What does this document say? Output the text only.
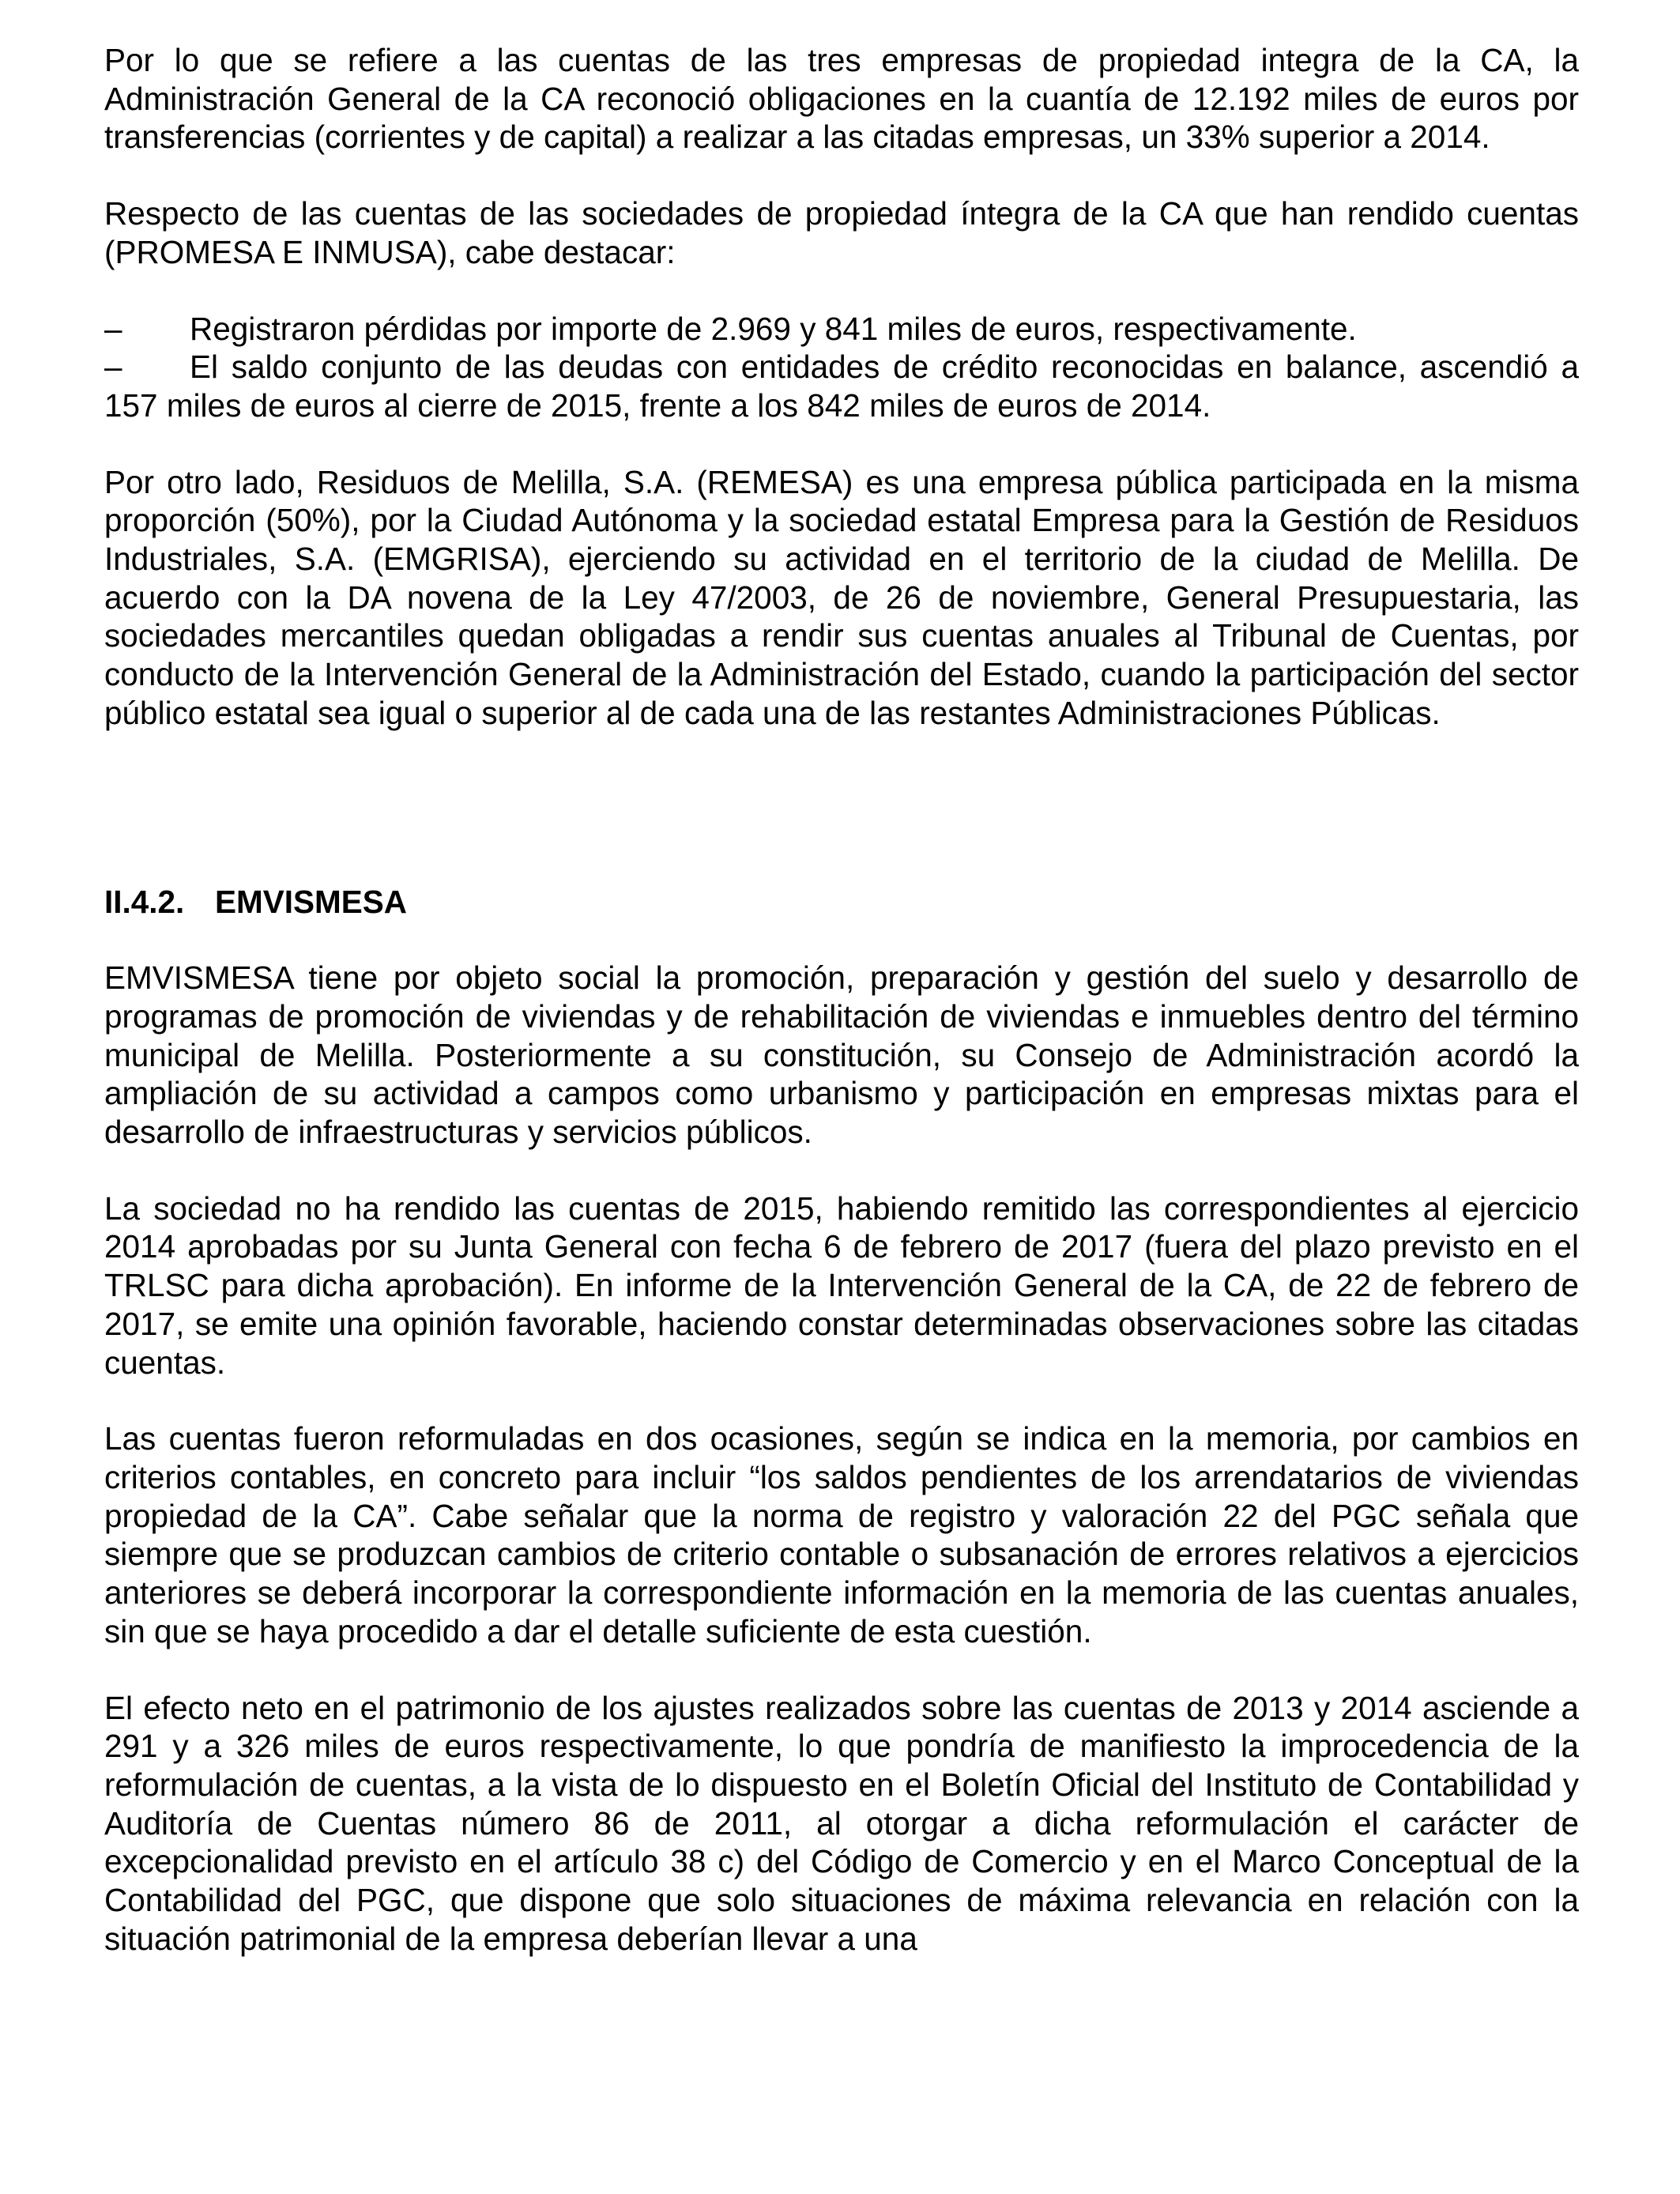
Por lo que se refiere a las cuentas de las tres empresas de propiedad integra de la CA, la Administración General de la CA reconoció obligaciones en la cuantía de 12.192 miles de euros por transferencias (corrientes y de capital) a realizar a las citadas empresas, un 33% superior a 2014.

Respecto de las cuentas de las sociedades de propiedad íntegra de la CA que han rendido cuentas (PROMESA E INMUSA), cabe destacar:

– Registraron pérdidas por importe de 2.969 y 841 miles de euros, respectivamente.

– El saldo conjunto de las deudas con entidades de crédito reconocidas en balance, ascendió a 157 miles de euros al cierre de 2015, frente a los 842 miles de euros de 2014.

Por otro lado, Residuos de Melilla, S.A. (REMESA) es una empresa pública participada en la misma proporción (50%), por la Ciudad Autónoma y la sociedad estatal Empresa para la Gestión de Residuos Industriales, S.A. (EMGRISA), ejerciendo su actividad en el territorio de la ciudad de Melilla. De acuerdo con la DA novena de la Ley 47/2003, de 26 de noviembre, General Presupuestaria, las sociedades mercantiles quedan obligadas a rendir sus cuentas anuales al Tribunal de Cuentas, por conducto de la Intervención General de la Administración del Estado, cuando la participación del sector público estatal sea igual o superior al de cada una de las restantes Administraciones Públicas.

II.4.2. EMVISMESA

EMVISMESA tiene por objeto social la promoción, preparación y gestión del suelo y desarrollo de programas de promoción de viviendas y de rehabilitación de viviendas e inmuebles dentro del término municipal de Melilla. Posteriormente a su constitución, su Consejo de Administración acordó la ampliación de su actividad a campos como urbanismo y participación en empresas mixtas para el desarrollo de infraestructuras y servicios públicos.

La sociedad no ha rendido las cuentas de 2015, habiendo remitido las correspondientes al ejercicio 2014 aprobadas por su Junta General con fecha 6 de febrero de 2017 (fuera del plazo previsto en el TRLSC para dicha aprobación). En informe de la Intervención General de la CA, de 22 de febrero de 2017, se emite una opinión favorable, haciendo constar determinadas observaciones sobre las citadas cuentas.

Las cuentas fueron reformuladas en dos ocasiones, según se indica en la memoria, por cambios en criterios contables, en concreto para incluir “los saldos pendientes de los arrendatarios de viviendas propiedad de la CA”. Cabe señalar que la norma de registro y valoración 22 del PGC señala que siempre que se produzcan cambios de criterio contable o subsanación de errores relativos a ejercicios anteriores se deberá incorporar la correspondiente información en la memoria de las cuentas anuales, sin que se haya procedido a dar el detalle suficiente de esta cuestión.

El efecto neto en el patrimonio de los ajustes realizados sobre las cuentas de 2013 y 2014 asciende a 291 y a 326 miles de euros respectivamente, lo que pondría de manifiesto la improcedencia de la reformulación de cuentas, a la vista de lo dispuesto en el Boletín Oficial del Instituto de Contabilidad y Auditoría de Cuentas número 86 de 2011, al otorgar a dicha reformulación el carácter de excepcionalidad previsto en el artículo 38 c) del Código de Comercio y en el Marco Conceptual de la Contabilidad del PGC, que dispone que solo situaciones de máxima relevancia en relación con la situación patrimonial de la empresa deberían llevar a una
